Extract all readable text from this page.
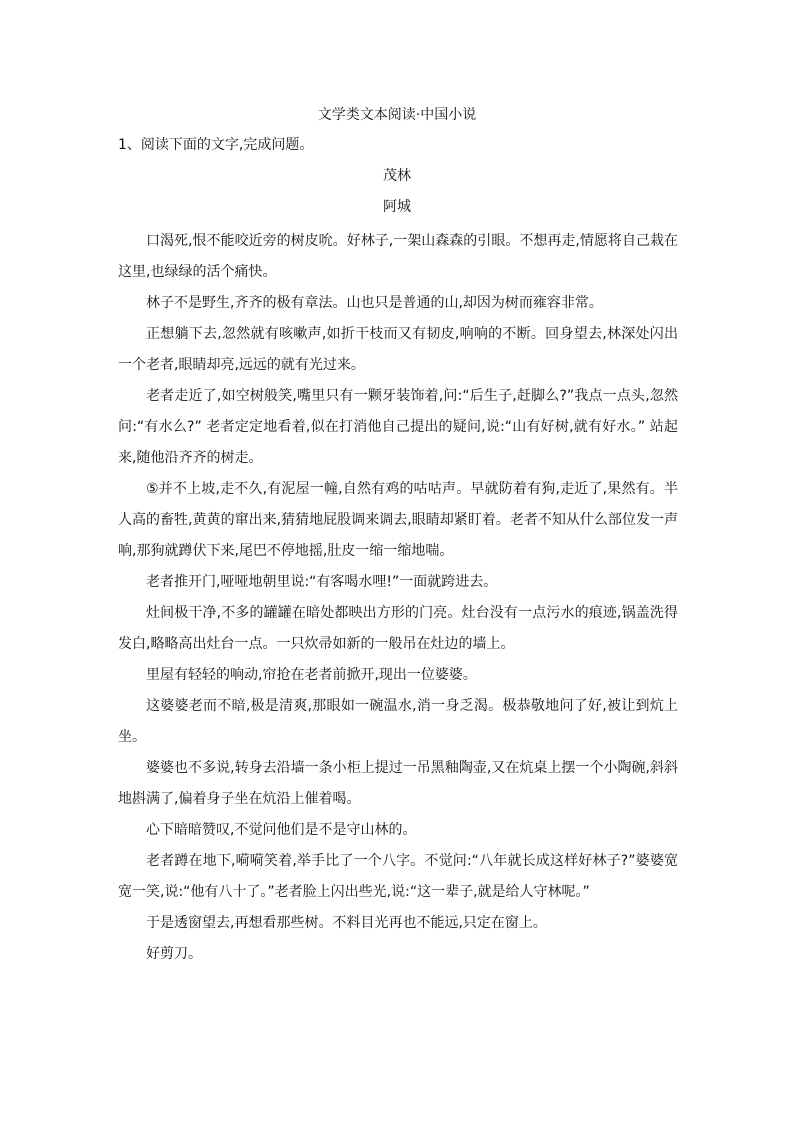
文学类文本阅读·中国小说
1、阅读下面的文字,完成问题。
茂林
阿城

口渴死,恨不能咬近旁的树皮吮。好林子,一架山森森的引眼。不想再走,情愿将自己栽在这里,也绿绿的活个痛快。

林子不是野生,齐齐的极有章法。山也只是普通的山,却因为树而雍容非常。

正想躺下去,忽然就有咳嗽声,如折干枝而又有韧皮,响响的不断。回身望去,林深处闪出一个老者,眼睛却亮,远远的就有光过来。

老者走近了,如空树般笑,嘴里只有一颗牙装饰着,问:“后生子,赶脚么?”我点一点头,忽然问:“有水么?” 老者定定地看着,似在打消他自己提出的疑问,说:“山有好树,就有好水。” 站起来,随他沿齐齐的树走。

⑤并不上坡,走不久,有泥屋一幢,自然有鸡的咕咕声。早就防着有狗,走近了,果然有。半人高的畜牲,黄黄的窜出来,猜猜地屁股调来调去,眼睛却紧盯着。老者不知从什么部位发一声响,那狗就蹲伏下来,尾巴不停地摇,肚皮一缩一缩地喘。

老者推开门,哑哑地朝里说:“有客喝水哩!”一面就跨进去。

灶间极干净,不多的罐罐在暗处都映出方形的门亮。灶台没有一点污水的痕迹,锅盖洗得发白,略略高出灶台一点。一只炊帚如新的一般吊在灶边的墙上。

里屋有轻轻的响动,帘抢在老者前掀开,现出一位婆婆。

这婆婆老而不暗,极是清爽,那眼如一碗温水,消一身乏渴。极恭敬地问了好,被让到炕上坐。

婆婆也不多说,转身去沿墙一条小柜上提过一吊黑釉陶壶,又在炕桌上摆一个小陶碗,斜斜地斟满了,偏着身子坐在炕沿上催着喝。

心下暗暗赞叹,不觉问他们是不是守山林的。

老者蹲在地下,嗬嗬笑着,举手比了一个八字。不觉问:“八年就长成这样好林子?”婆婆宽宽一笑,说:“他有八十了。”老者脸上闪出些光,说:“这一辈子,就是给人守林呢。”

于是透窗望去,再想看那些树。不料目光再也不能远,只定在窗上。

好剪刀。
